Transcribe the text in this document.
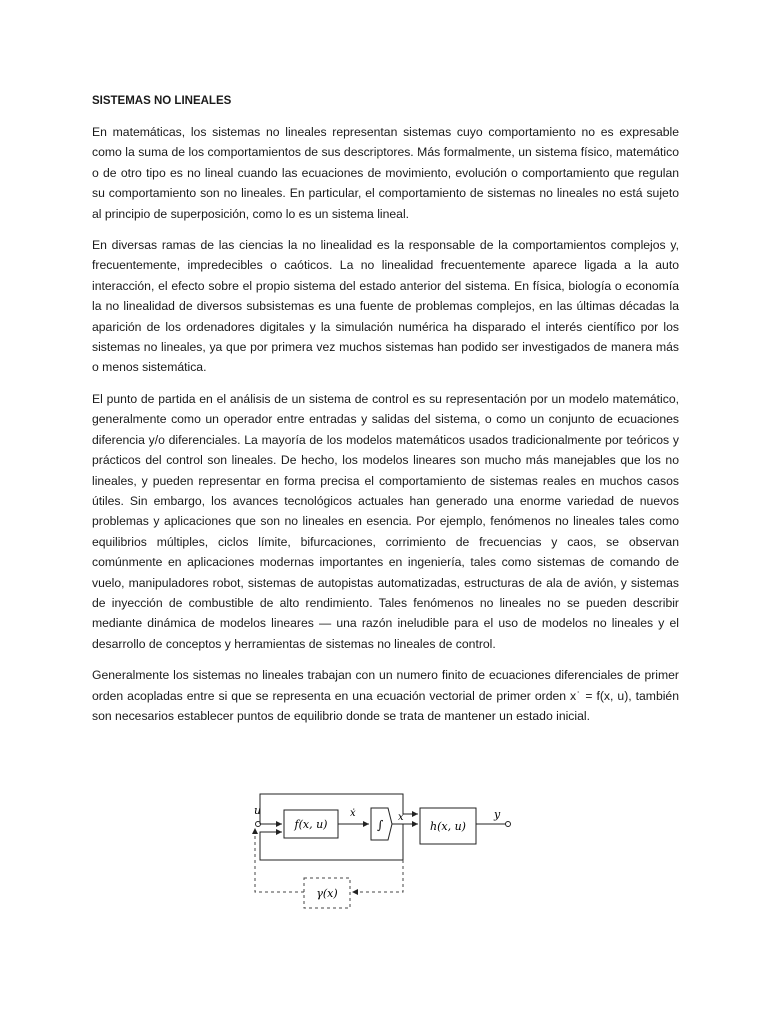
SISTEMAS NO LINEALES

En matemáticas, los sistemas no lineales representan sistemas cuyo comportamiento no es expresable como la suma de los comportamientos de sus descriptores. Más formalmente, un sistema físico, matemático o de otro tipo es no lineal cuando las ecuaciones de movimiento, evolución o comportamiento que regulan su comportamiento son no lineales. En particular, el comportamiento de sistemas no lineales no está sujeto al principio de superposición, como lo es un sistema lineal.

En diversas ramas de las ciencias la no linealidad es la responsable de la comportamientos complejos y, frecuentemente, impredecibles o caóticos. La no linealidad frecuentemente aparece ligada a la auto interacción, el efecto sobre el propio sistema del estado anterior del sistema. En física, biología o economía la no linealidad de diversos subsistemas es una fuente de problemas complejos, en las últimas décadas la aparición de los ordenadores digitales y la simulación numérica ha disparado el interés científico por los sistemas no lineales, ya que por primera vez muchos sistemas han podido ser investigados de manera más o menos sistemática.

El punto de partida en el análisis de un sistema de control es su representación por un modelo matemático, generalmente como un operador entre entradas y salidas del sistema, o como un conjunto de ecuaciones diferencia y/o diferenciales. La mayoría de los modelos matemáticos usados tradicionalmente por teóricos y prácticos del control son lineales. De hecho, los modelos lineares son mucho más manejables que los no lineales, y pueden representar en forma precisa el comportamiento de sistemas reales en muchos casos útiles. Sin embargo, los avances tecnológicos actuales han generado una enorme variedad de nuevos problemas y aplicaciones que son no lineales en esencia. Por ejemplo, fenómenos no lineales tales como equilibrios múltiples, ciclos límite, bifurcaciones, corrimiento de frecuencias y caos, se observan comúnmente en aplicaciones modernas importantes en ingeniería, tales como sistemas de comando de vuelo, manipuladores robot, sistemas de autopistas automatizadas, estructuras de ala de avión, y sistemas de inyección de combustible de alto rendimiento. Tales fenómenos no lineales no se pueden describir mediante dinámica de modelos lineares — una razón ineludible para el uso de modelos no lineales y el desarrollo de conceptos y herramientas de sistemas no lineales de control.

Generalmente los sistemas no lineales trabajan con un numero finito de ecuaciones diferenciales de primer orden acopladas entre si que se representa en una ecuación vectorial de primer orden x˙ = f(x, u), también son necesarios establecer puntos de equilibrio donde se trata de mantener un estado inicial.

u
f(x, u)
ẋ
∫
x
h(x, u)
y
γ(x)
